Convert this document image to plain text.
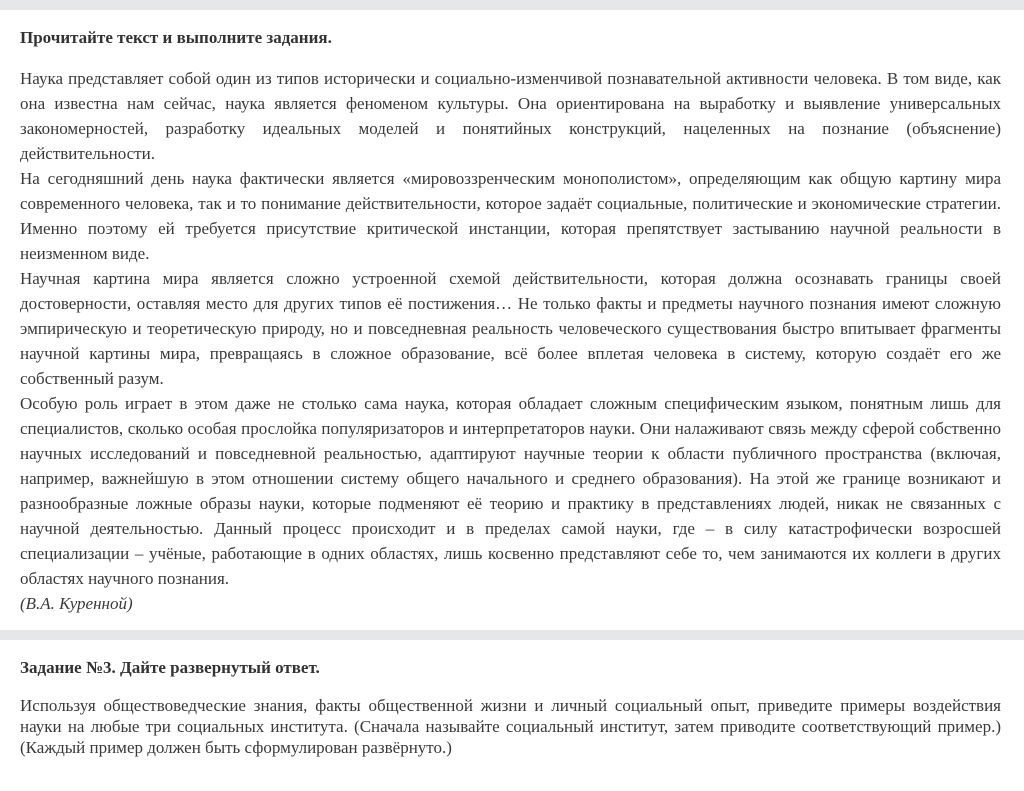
Прочитайте текст и выполните задания.

Наука представляет собой один из типов исторически и социально-изменчивой познавательной активности человека. В том виде, как она известна нам сейчас, наука является феноменом культуры. Она ориентирована на выработку и выявление универсальных закономерностей, разработку идеальных моделей и понятийных конструкций, нацеленных на познание (объяснение) действительности.

На сегодняшний день наука фактически является «мировоззренческим монополистом», определяющим как общую картину мира современного человека, так и то понимание действительности, которое задаёт социальные, политические и экономические стратегии. Именно поэтому ей требуется присутствие критической инстанции, которая препятствует застыванию научной реальности в неизменном виде.

Научная картина мира является сложно устроенной схемой действительности, которая должна осознавать границы своей достоверности, оставляя место для других типов её постижения… Не только факты и предметы научного познания имеют сложную эмпирическую и теоретическую природу, но и повседневная реальность человеческого существования быстро впитывает фрагменты научной картины мира, превращаясь в сложное образование, всё более вплетая человека в систему, которую создаёт его же собственный разум.

Особую роль играет в этом даже не столько сама наука, которая обладает сложным специфическим языком, понятным лишь для специалистов, сколько особая прослойка популяризаторов и интерпретаторов науки. Они налаживают связь между сферой собственно научных исследований и повседневной реальностью, адаптируют научные теории к области публичного пространства (включая, например, важнейшую в этом отношении систему общего начального и среднего образования). На этой же границе возникают и разнообразные ложные образы науки, которые подменяют её теорию и практику в представлениях людей, никак не связанных с научной деятельностью. Данный процесс происходит и в пределах самой науки, где – в силу катастрофически возросшей специализации – учёные, работающие в одних областях, лишь косвенно представляют себе то, чем занимаются их коллеги в других областях научного познания.

(В.А. Куренной)

Задание №3. Дайте развернутый ответ.

Используя обществоведческие знания, факты общественной жизни и личный социальный опыт, приведите примеры воздействия науки на любые три социальных института. (Сначала называйте социальный институт, затем приводите соответствующий пример.) (Каждый пример должен быть сформулирован развёрнуто.)
